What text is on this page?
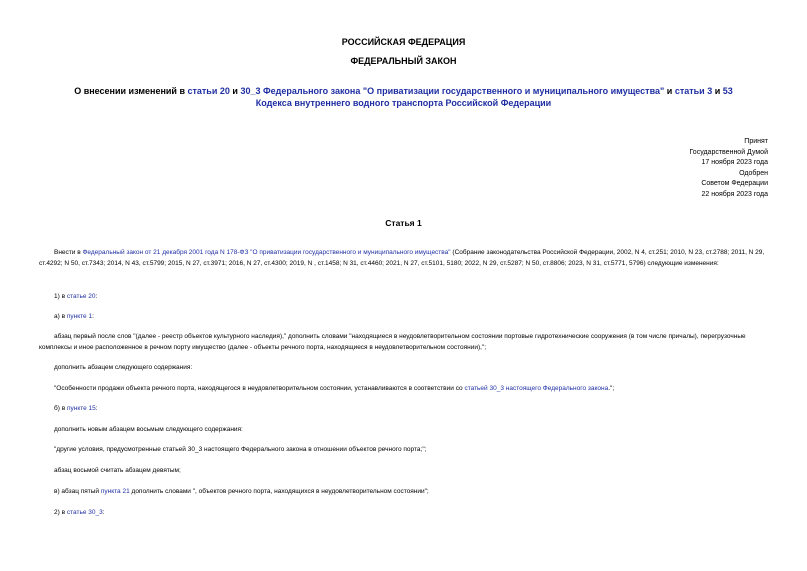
РОССИЙСКАЯ ФЕДЕРАЦИЯ
ФЕДЕРАЛЬНЫЙ ЗАКОН
О внесении изменений в статьи 20 и 30_3 Федерального закона "О приватизации государственного и муниципального имущества" и статьи 3 и 53 Кодекса внутреннего водного транспорта Российской Федерации
Принят
Государственной Думой
17 ноября 2023 года
Одобрен
Советом Федерации
22 ноября 2023 года
Статья 1
Внести в Федеральный закон от 21 декабря 2001 года N 178-ФЗ "О приватизации государственного и муниципального имущества" (Собрание законодательства Российской Федерации, 2002, N 4, ст.251; 2010, N 23, ст.2788; 2011, N 29, ст.4292; N 50, ст.7343; 2014, N 43, ст.5799; 2015, N 27, ст.3971; 2016, N 27, ст.4300; 2019, N , ст.1458; N 31, ст.4460; 2021, N 27, ст.5101, 5180; 2022, N 29, ст.5287; N 50, ст.8806; 2023, N 31, ст.5771, 5796) следующие изменения:
1) в статье 20:
а) в пункте 1:
абзац первый после слов "(далее - реестр объектов культурного наследия)," дополнить словами "находящиеся в неудовлетворительном состоянии портовые гидротехнические сооружения (в том числе причалы), перегрузочные комплексы и иное расположенное в речном порту имущество (далее - объекты речного порта, находящиеся в неудовлетворительном состоянии),";
дополнить абзацем следующего содержания:
"Особенности продажи объекта речного порта, находящегося в неудовлетворительном состоянии, устанавливаются в соответствии со статьей 30_3 настоящего Федерального закона.";
б) в пункте 15:
дополнить новым абзацем восьмым следующего содержания:
"другие условия, предусмотренные статьей 30_3 настоящего Федерального закона в отношении объектов речного порта;";
абзац восьмой считать абзацем девятым;
в) абзац пятый пункта 21 дополнить словами ", объектов речного порта, находящихся в неудовлетворительном состоянии";
2) в статье 30_3:
